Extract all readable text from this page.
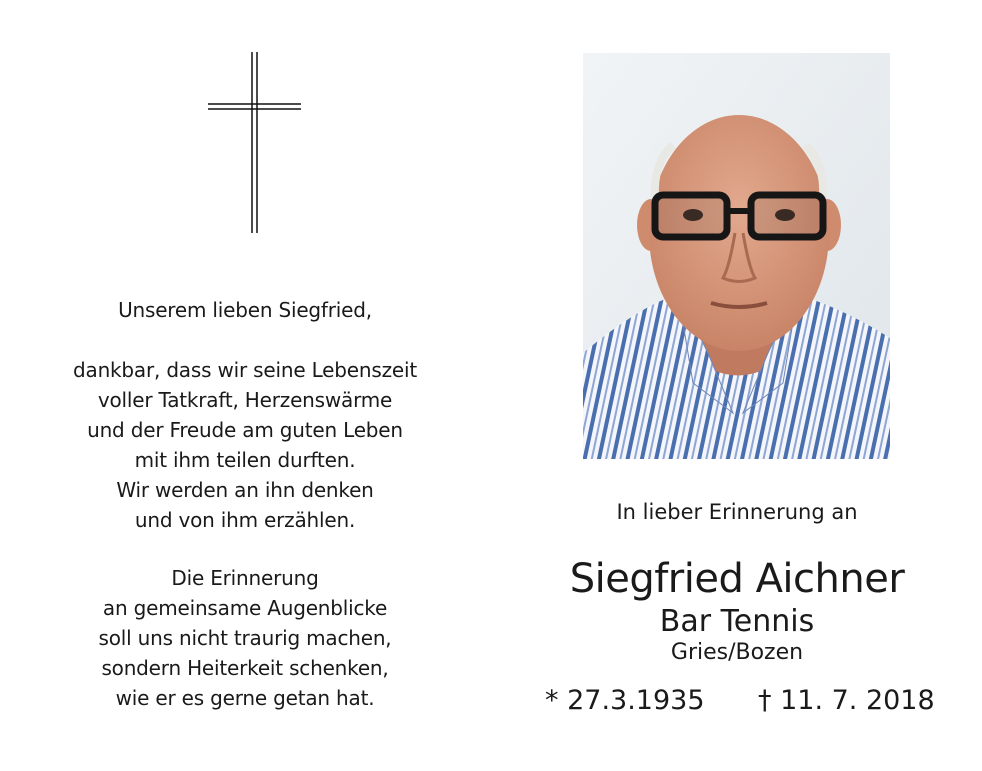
Unserem lieben Siegfried,
dankbar, dass wir seine Lebenszeit
voller Tatkraft, Herzenswärme
und der Freude am guten Leben
mit ihm teilen durften.
Wir werden an ihn denken
und von ihm erzählen.
Die Erinnerung
an gemeinsame Augenblicke
soll uns nicht traurig machen,
sondern Heiterkeit schenken,
wie er es gerne getan hat.
In lieber Erinnerung an
Siegfried Aichner
Bar Tennis
Gries/Bozen
* 27.3.1935 † 11. 7. 2018
